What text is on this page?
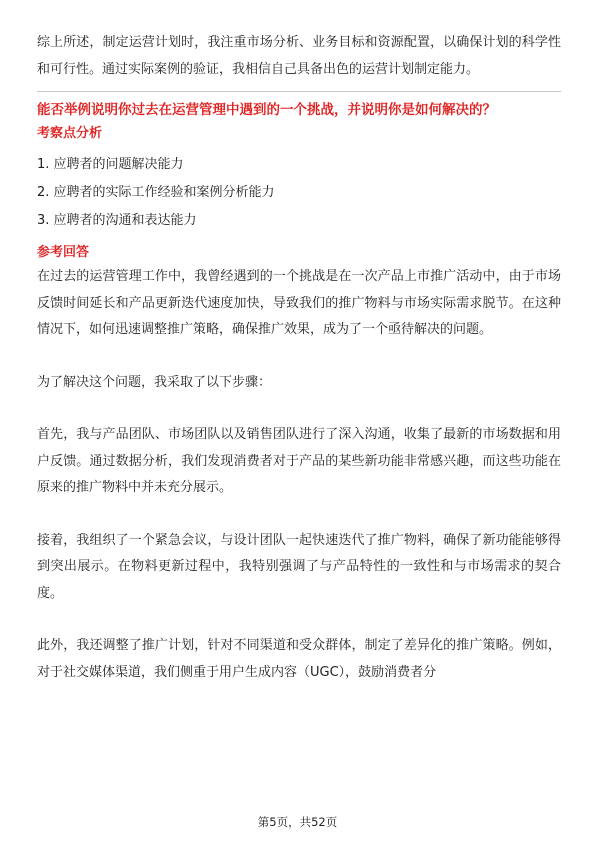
综上所述，制定运营计划时，我注重市场分析、业务目标和资源配置，以确保计划的科学性和可行性。通过实际案例的验证，我相信自己具备出色的运营计划制定能力。

能否举例说明你过去在运营管理中遇到的一个挑战，并说明你是如何解决的？

考察点分析

1. 应聘者的问题解决能力

2. 应聘者的实际工作经验和案例分析能力

3. 应聘者的沟通和表达能力

参考回答

在过去的运营管理工作中，我曾经遇到的一个挑战是在一次产品上市推广活动中，由于市场反馈时间延长和产品更新迭代速度加快，导致我们的推广物料与市场实际需求脱节。在这种情况下，如何迅速调整推广策略，确保推广效果，成为了一个亟待解决的问题。

为了解决这个问题，我采取了以下步骤：

首先，我与产品团队、市场团队以及销售团队进行了深入沟通，收集了最新的市场数据和用户反馈。通过数据分析，我们发现消费者对于产品的某些新功能非常感兴趣，而这些功能在原来的推广物料中并未充分展示。

接着，我组织了一个紧急会议，与设计团队一起快速迭代了推广物料，确保了新功能能够得到突出展示。在物料更新过程中，我特别强调了与产品特性的一致性和与市场需求的契合度。

此外，我还调整了推广计划，针对不同渠道和受众群体，制定了差异化的推广策略。例如，对于社交媒体渠道，我们侧重于用户生成内容（UGC），鼓励消费者分

第5页，共52页
